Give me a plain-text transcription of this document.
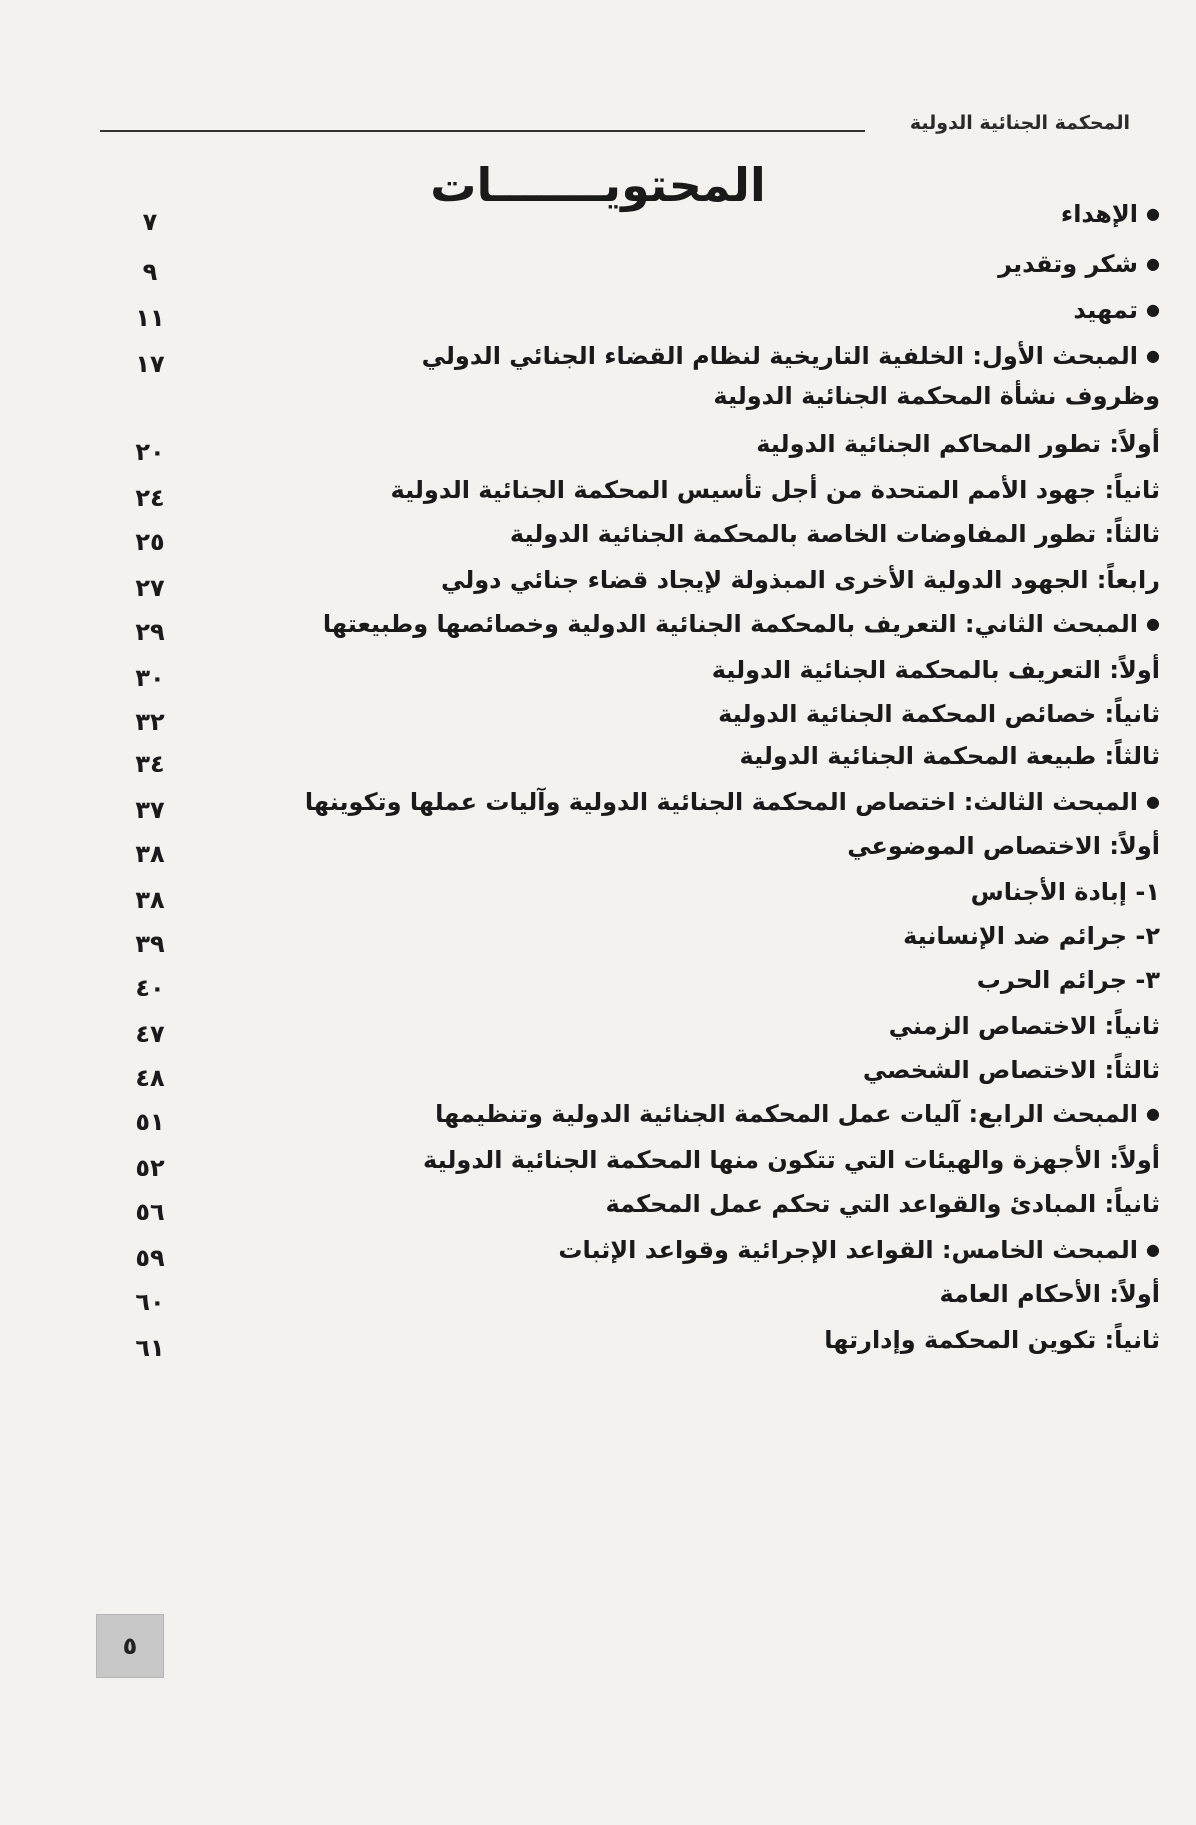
المحكمة الجنائية الدولية
المحتويـــــــات
●الإهداء
٧
●شكر وتقدير
٩
●تمهيد
١١
●المبحث الأول: الخلفية التاريخية لنظام القضاء الجنائي الدولي
١٧
وظروف نشأة المحكمة الجنائية الدولية
أولاً: تطور المحاكم الجنائية الدولية
٢٠
ثانياً: جهود الأمم المتحدة من أجل تأسيس المحكمة الجنائية الدولية
٢٤
ثالثاً: تطور المفاوضات الخاصة بالمحكمة الجنائية الدولية
٢٥
رابعاً: الجهود الدولية الأخرى المبذولة لإيجاد قضاء جنائي دولي
٢٧
●المبحث الثاني: التعريف بالمحكمة الجنائية الدولية وخصائصها وطبيعتها
٢٩
أولاً: التعريف بالمحكمة الجنائية الدولية
٣٠
ثانياً: خصائص المحكمة الجنائية الدولية
٣٢
ثالثاً: طبيعة المحكمة الجنائية الدولية
٣٤
●المبحث الثالث: اختصاص المحكمة الجنائية الدولية وآليات عملها وتكوينها
٣٧
أولاً: الاختصاص الموضوعي
٣٨
١- إبادة الأجناس
٣٨
٢- جرائم ضد الإنسانية
٣٩
٣- جرائم الحرب
٤٠
ثانياً: الاختصاص الزمني
٤٧
ثالثاً: الاختصاص الشخصي
٤٨
●المبحث الرابع: آليات عمل المحكمة الجنائية الدولية وتنظيمها
٥١
أولاً: الأجهزة والهيئات التي تتكون منها المحكمة الجنائية الدولية
٥٢
ثانياً: المبادئ والقواعد التي تحكم عمل المحكمة
٥٦
●المبحث الخامس: القواعد الإجرائية وقواعد الإثبات
٥٩
أولاً: الأحكام العامة
٦٠
ثانياً: تكوين المحكمة وإدارتها
٦١
٥
